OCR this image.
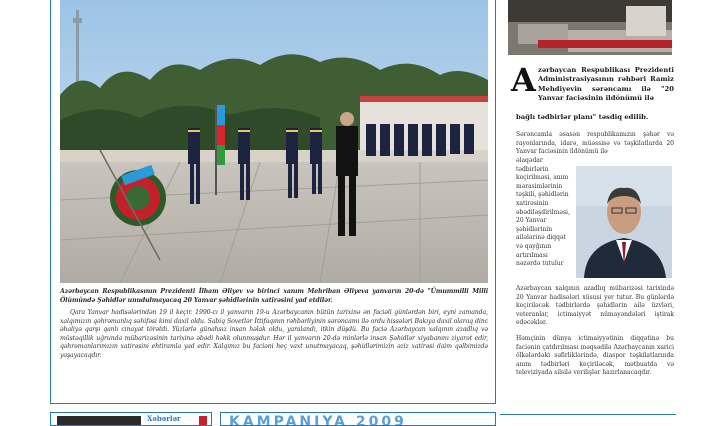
Azərbaycan Respublikasının Prezidenti İlham Əliyev və birinci xanım Mehriban Əliyeva yanvarın 20-də "Ümummilli Milli Ölümündə Şəhidlər unudulmayacaq 20 Yanvar şəhidlərinin xatirəsini yad etdilər.

Qara Yanvar hadisələrindən 19 il keçir. 1990-cı il yanvarın 19-u Azərbaycanın bütün tarixinə ən faciəli günlərdən biri, eyni zamanda, xalqımızın qəhrəmanlıq səhifəsi kimi daxil oldu. Sabiq Sovetlər İttifaqının rəhbərliyinin sərəncamı ilə ordu hissələri Bakıya daxil olaraq dinc əhaliyə qarşı qanlı cinayət törətdi. Yüzlərlə günahsız insan həlak oldu, yaralandı, itkin düşdü. Bu faciə Azərbaycan xalqının azadlıq və müstəqillik uğrunda mübarizəsinin tarixinə əbədi həkk olunmuşdur. Hər il yanvarın 20-də minlərlə insan Şəhidlər xiyabanını ziyarət edir, qəhrəmanlarımızın xatirəsini ehtiramla yad edir. Xalqımız bu faciəni heç vaxt unutmayacaq, şəhidlərimizin əziz xatirəsi daim qəlbimizdə yaşayacaqdır.

A zərbaycan Respublikası Prezidenti Administrasiyasının rəhbəri Ramiz Mehdiyevin sərəncamı ilə "20 Yanvar faciəsinin ildönümü ilə
bağlı tədbirlər planı" təsdiq edilib.
Sərəncamla əsasən respublikamızın şəhər və rayonlarında, idarə, müəssisə və təşkilatlarda 20 Yanvar faciəsinin ildönümü ilə
əlaqədar tədbirlərin keçirilməsi, anım mərasimlərinin təşkili, şəhidlərin xatirəsinin əbədiləşdirilməsi, 20 Yanvar şəhidlərinin ailələrinə diqqət və qayğının artırılması nəzərdə tutulur
Azərbaycan xalqının azadlıq mübarizəsi tarixində 20 Yanvar hadisələri xüsusi yer tutur. Bu günlərdə keçiriləcək tədbirlərdə şəhidlərin ailə üzvləri, veteranlar, ictimaiyyət nümayəndələri iştirak edəcəklər.
Həmçinin dünya ictimaiyyətinin diqqətinə bu faciənin çatdırılması məqsədilə Azərbaycanın xarici ölkələrdəki səfirliklərində, diaspor təşkilatlarında anım tədbirləri keçiriləcək, mətbuatda və televiziyada silsilə verilişlər hazırlanacaqdır.
Xəbərlər	KAMPANIYA 2009
